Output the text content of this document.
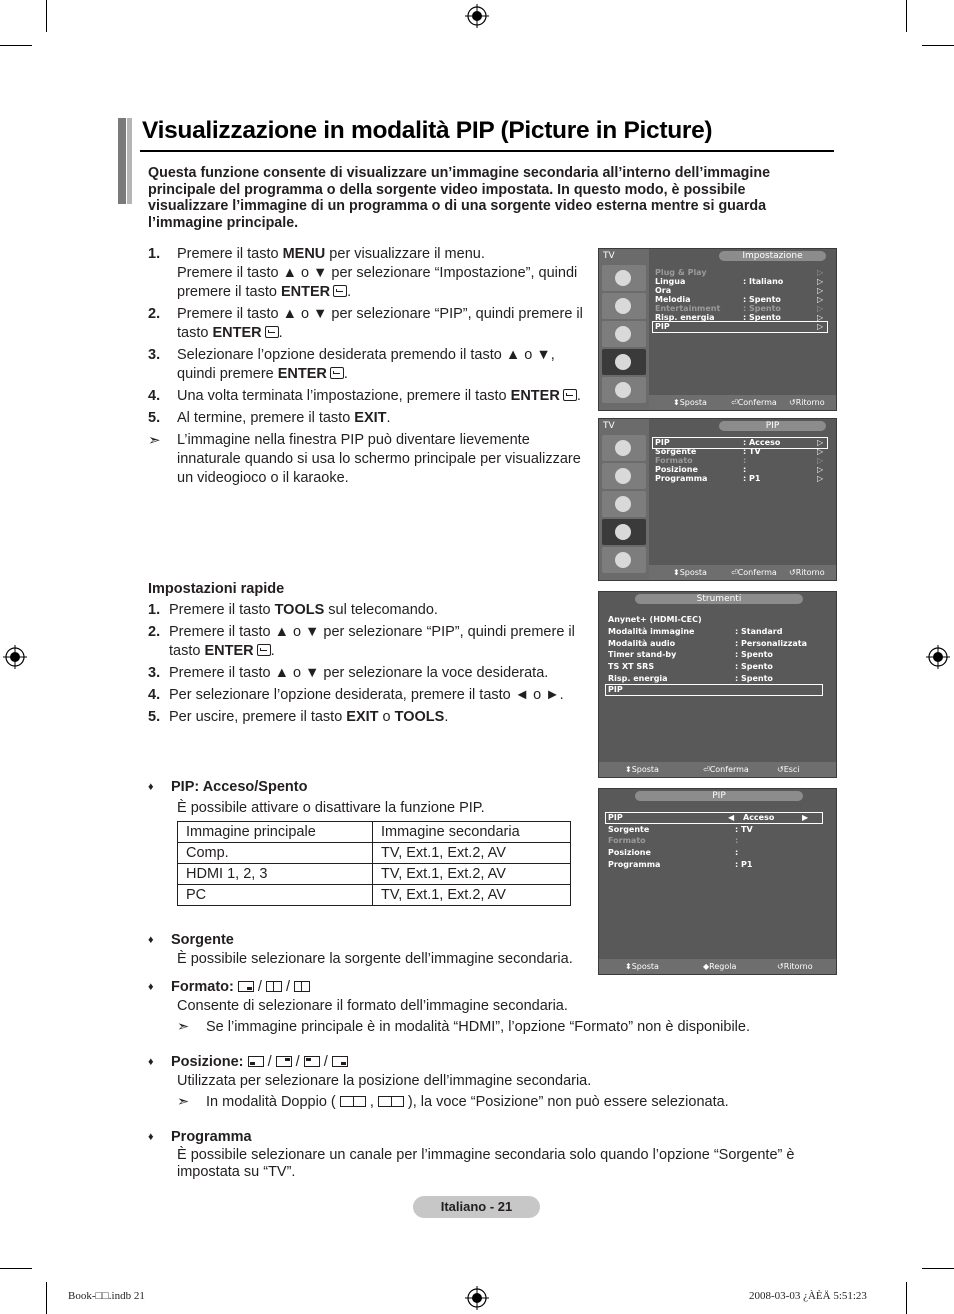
Visualizzazione in modalità PIP (Picture in Picture)
Questa funzione consente di visualizzare un’immagine secondaria all’interno dell’immagine principale del programma o della sorgente video impostata. In questo modo, è possibile visualizzare l’immagine di un programma o di una sorgente video esterna mentre si guarda l’immagine principale.
1. Premere il tasto MENU per visualizzare il menu.
Premere il tasto ▲ o ▼ per selezionare “Impostazione”, quindi premere il tasto ENTER .
2. Premere il tasto ▲ o ▼ per selezionare “PIP”, quindi premere il tasto ENTER .
3. Selezionare l’opzione desiderata premendo il tasto ▲ o ▼, quindi premere ENTER .
4. Una volta terminata l’impostazione, premere il tasto ENTER .
5. Al termine, premere il tasto EXIT.
➣ L’immagine nella finestra PIP può diventare lievemente innaturale quando si usa lo schermo principale per visualizzare un videogioco o il karaoke.
TV	Impostazione
Plug & Play	▷
Lingua	: Italiano	▷
Ora	▷
Melodia	: Spento	▷
Entertainment	: Spento	▷
Risp. energia	: Spento	▷
PIP	▷
⬍ Sposta	⏎ Conferma ↺ Ritorno
TV	PIP
PIP	: Acceso	▷
Sorgente	: TV	▷
Formato	:	▷
Posizione	:	▷
Programma	: P1	▷
⬍ Sposta	⏎ Conferma ↺ Ritorno
Impostazioni rapide
1. Premere il tasto TOOLS sul telecomando.
2. Premere il tasto ▲ o ▼ per selezionare “PIP”, quindi premere il tasto ENTER .
3. Premere il tasto ▲ o ▼ per selezionare la voce desiderata.
4. Per selezionare l’opzione desiderata, premere il tasto ◄ o ►.
5. Per uscire, premere il tasto EXIT o TOOLS.
Strumenti
Anynet+ (HDMI-CEC)
Modalità immagine	: Standard
Modalità audio	: Personalizzata
Timer stand-by	: Spento
TS XT SRS	: Spento
Risp. energia	: Spento
PIP
⬍ Sposta	⏎ Conferma	↺ Esci
PIP
PIP	◀ Acceso	▶
Sorgente	: TV
Formato	:
Posizione	:
Programma	: P1
⬍ Sposta	◆ Regola	↺ Ritorno
♦	PIP: Acceso/Spento
È possibile attivare o disattivare la funzione PIP.
Immagine principale	Immagine secondaria
Comp.	TV, Ext.1, Ext.2, AV
HDMI 1, 2, 3	TV, Ext.1, Ext.2, AV
PC	TV, Ext.1, Ext.2, AV
♦	Sorgente
È possibile selezionare la sorgente dell’immagine secondaria.
♦	Formato:
/
/
Consente di selezionare il formato dell’immagine secondaria.
➣ Se l’immagine principale è in modalità “HDMI”, l’opzione “Formato” non è disponibile.
♦	Posizione:
/
/
/
Utilizzata per selezionare la posizione dell’immagine secondaria.
➣ In modalità Doppio ( , ), la voce “Posizione” non può essere selezionata.
♦	Programma
È possibile selezionare un canale per l’immagine secondaria solo quando l’opzione “Sorgente” è impostata su “TV”.
Italiano - 21
Book-□□.indb 21	2008-03-03 ¿ÀÈÄ 5:51:23
